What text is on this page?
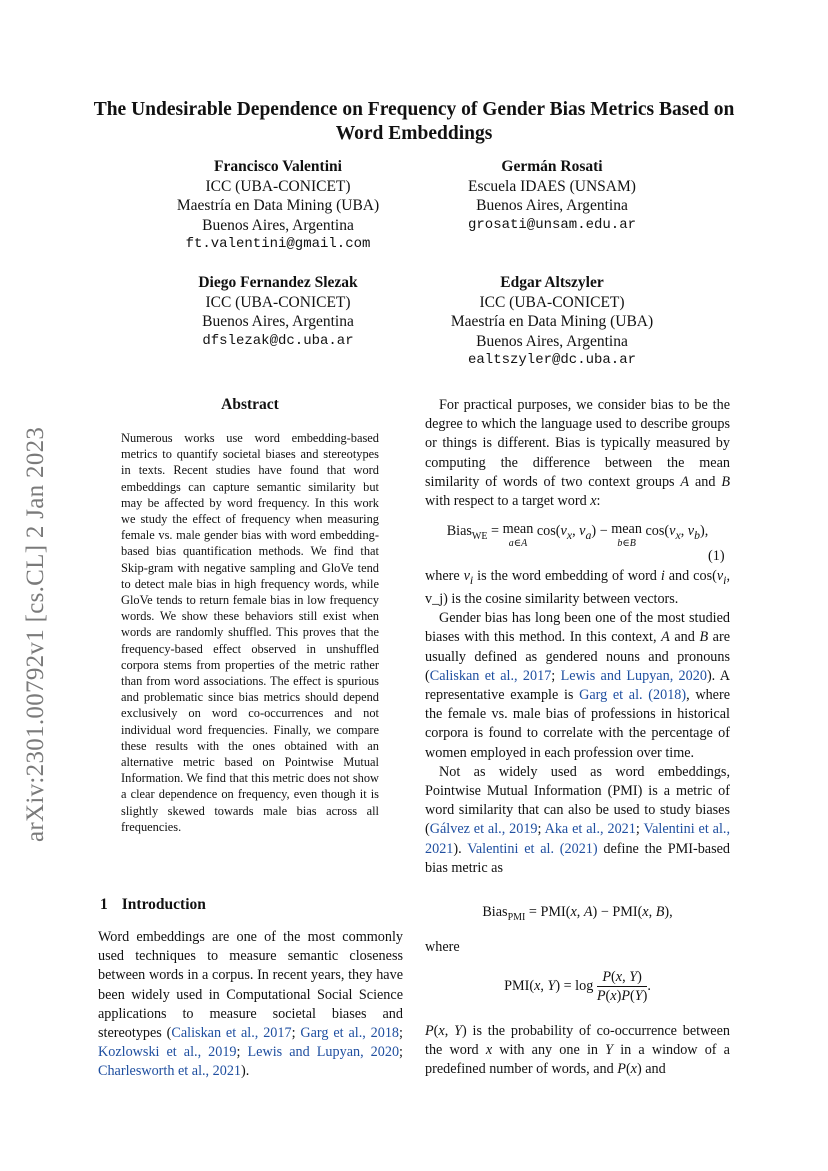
The Undesirable Dependence on Frequency of Gender Bias Metrics Based on Word Embeddings
Francisco Valentini
ICC (UBA-CONICET)
Maestría en Data Mining (UBA)
Buenos Aires, Argentina
ft.valentini@gmail.com
Germán Rosati
Escuela IDAES (UNSAM)
Buenos Aires, Argentina
grosati@unsam.edu.ar
Diego Fernandez Slezak
ICC (UBA-CONICET)
Buenos Aires, Argentina
dfslezak@dc.uba.ar
Edgar Altszyler
ICC (UBA-CONICET)
Maestría en Data Mining (UBA)
Buenos Aires, Argentina
ealtszyler@dc.uba.ar
arXiv:2301.00792v1 [cs.CL] 2 Jan 2023
Abstract

Numerous works use word embedding-based metrics to quantify societal biases and stereotypes in texts. Recent studies have found that word embeddings can capture semantic similarity but may be affected by word frequency. In this work we study the effect of frequency when measuring female vs. male gender bias with word embedding-based bias quantification methods. We find that Skip-gram with negative sampling and GloVe tend to detect male bias in high frequency words, while GloVe tends to return female bias in low frequency words. We show these behaviors still exist when words are randomly shuffled. This proves that the frequency-based effect observed in unshuffled corpora stems from properties of the metric rather than from word associations. The effect is spurious and problematic since bias metrics should depend exclusively on word co-occurrences and not individual word frequencies. Finally, we compare these results with the ones obtained with an alternative metric based on Pointwise Mutual Information. We find that this metric does not show a clear dependence on frequency, even though it is slightly skewed towards male bias across all frequencies.

1 Introduction

Word embeddings are one of the most commonly used techniques to measure semantic closeness between words in a corpus. In recent years, they have been widely used in Computational Social Science applications to measure societal biases and stereotypes (Caliskan et al., 2017; Garg et al., 2018; Kozlowski et al., 2019; Lewis and Lupyan, 2020; Charlesworth et al., 2021).

For practical purposes, we consider bias to be the degree to which the language used to describe groups or things is different. Bias is typically measured by computing the difference between the mean similarity of words of two context groups A and B with respect to a target word x:

Bias$_{WE}$ = mean
a∈A $\cos(v_x$, $v_a$) − mean
b∈B $\cos(v_x$, $v_b$),
(1)

where $v_i$ is the word embedding of word i and $\cos(v_i$, v_j) is the cosine similarity between vectors.

Gender bias has long been one of the most studied biases with this method. In this context, A and B are usually defined as gendered nouns and pronouns (Caliskan et al., 2017; Lewis and Lupyan, 2020). A representative example is Garg et al. (2018), where the female vs. male bias of professions in historical corpora is found to correlate with the percentage of women employed in each profession over time.

Not as widely used as word embeddings, Pointwise Mutual Information (PMI) is a metric of word similarity that can also be used to study biases (Gálvez et al., 2019; Aka et al., 2021; Valentini et al., 2021). Valentini et al. (2021) define the PMI-based bias metric as

Bias$_{PMI}$ = PMI(x, A) − PMI(x, B),
where
PMI(x, $Y) = \log \frac{P(x, Y)}{P(x)P(Y)}$ .

P(x, Y) is the probability of co-occurrence between the word x with any one in Y in a window of a predefined number of words, and P(x) and
